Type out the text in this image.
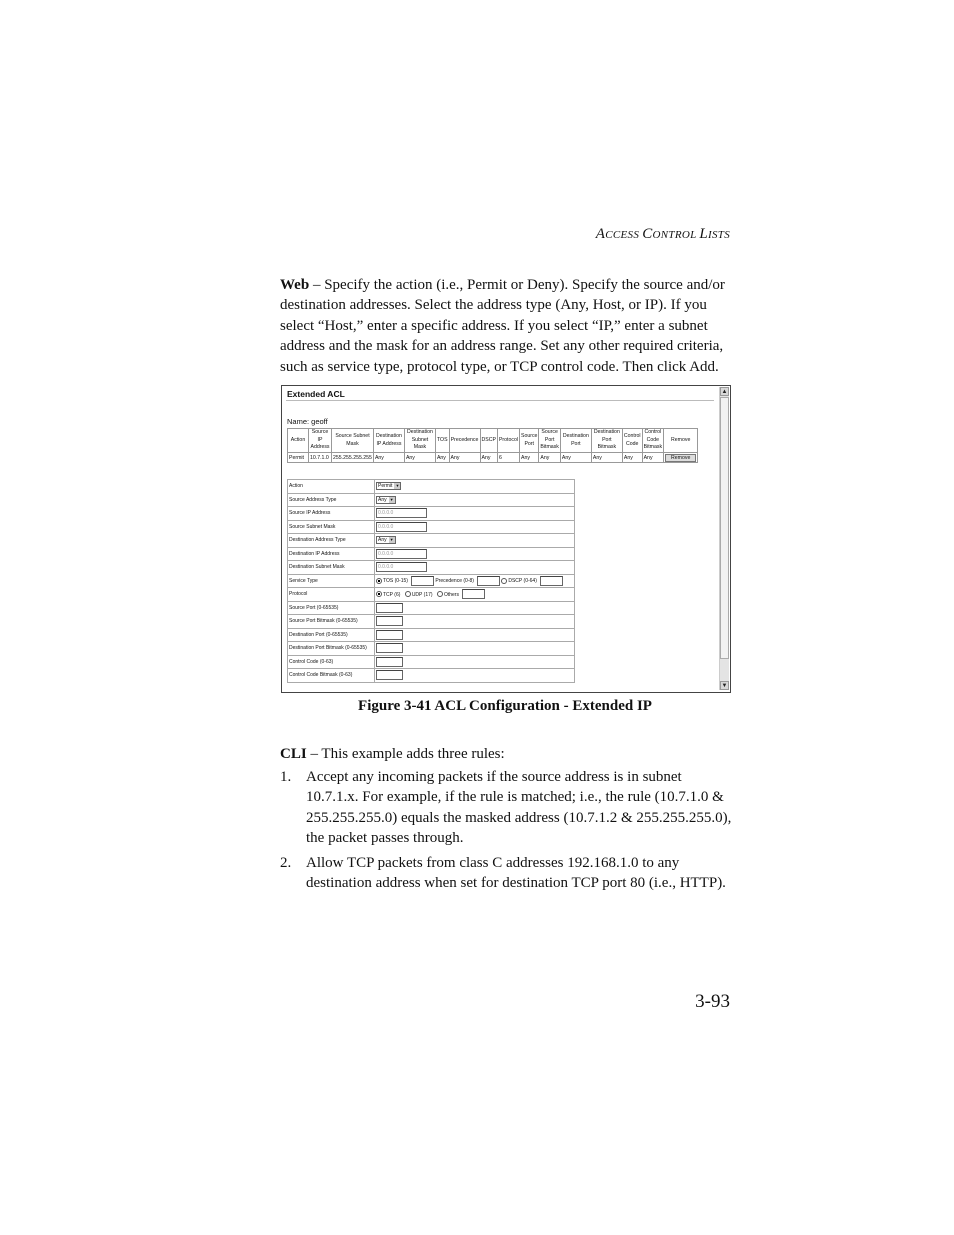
ACCESS CONTROL LISTS

Web – Specify the action (i.e., Permit or Deny). Specify the source and/or destination addresses. Select the address type (Any, Host, or IP). If you select “Host,” enter a specific address. If you select “IP,” enter a subnet address and the mask for an address range. Set any other required criteria, such as service type, protocol type, or TCP control code. Then click Add.

Extended ACL
Name: geoff
Action	Source IP Address	Source Subnet Mask	Destination IP Address	Destination Subnet Mask	TOS	Precedence	DSCP	Protocol	Source Port	Source Port Bitmask	Destination Port	Destination Port Bitmask	Control Code	Control Code Bitmask	Remove
Permit	10.7.1.0	255.255.255.255	Any	Any	Any	Any	Any	6	Any	Any	Any	Any	Any	Any	Remove
Action	Permit ▼

Source Address Type	Any ▼

Source IP Address	0.0.0.0
Source Subnet Mask	0.0.0.0
Destination Address Type	Any ▼

Destination IP Address	0.0.0.0
Destination Subnet Mask	0.0.0.0
Service Type	TOS (0-15) Precedence (0-8) DSCP (0-64)
Protocol	TCP (6) UDP (17) Others
Source Port (0-65535)	
Source Port Bitmask (0-65535)	
Destination Port (0-65535)	
Destination Port Bitmask (0-65535)	
Control Code (0-63)	
Control Code Bitmask (0-63)	
▲
▼
Figure 3-41 ACL Configuration - Extended IP

CLI – This example adds three rules:

1. Accept any incoming packets if the source address is in subnet 10.7.1.x. For example, if the rule is matched; i.e., the rule (10.7.1.0 & 255.255.255.0) equals the masked address (10.7.1.2 & 255.255.255.0), the packet passes through.
2. Allow TCP packets from class C addresses 192.168.1.0 to any destination address when set for destination TCP port 80 (i.e., HTTP).
3-93
